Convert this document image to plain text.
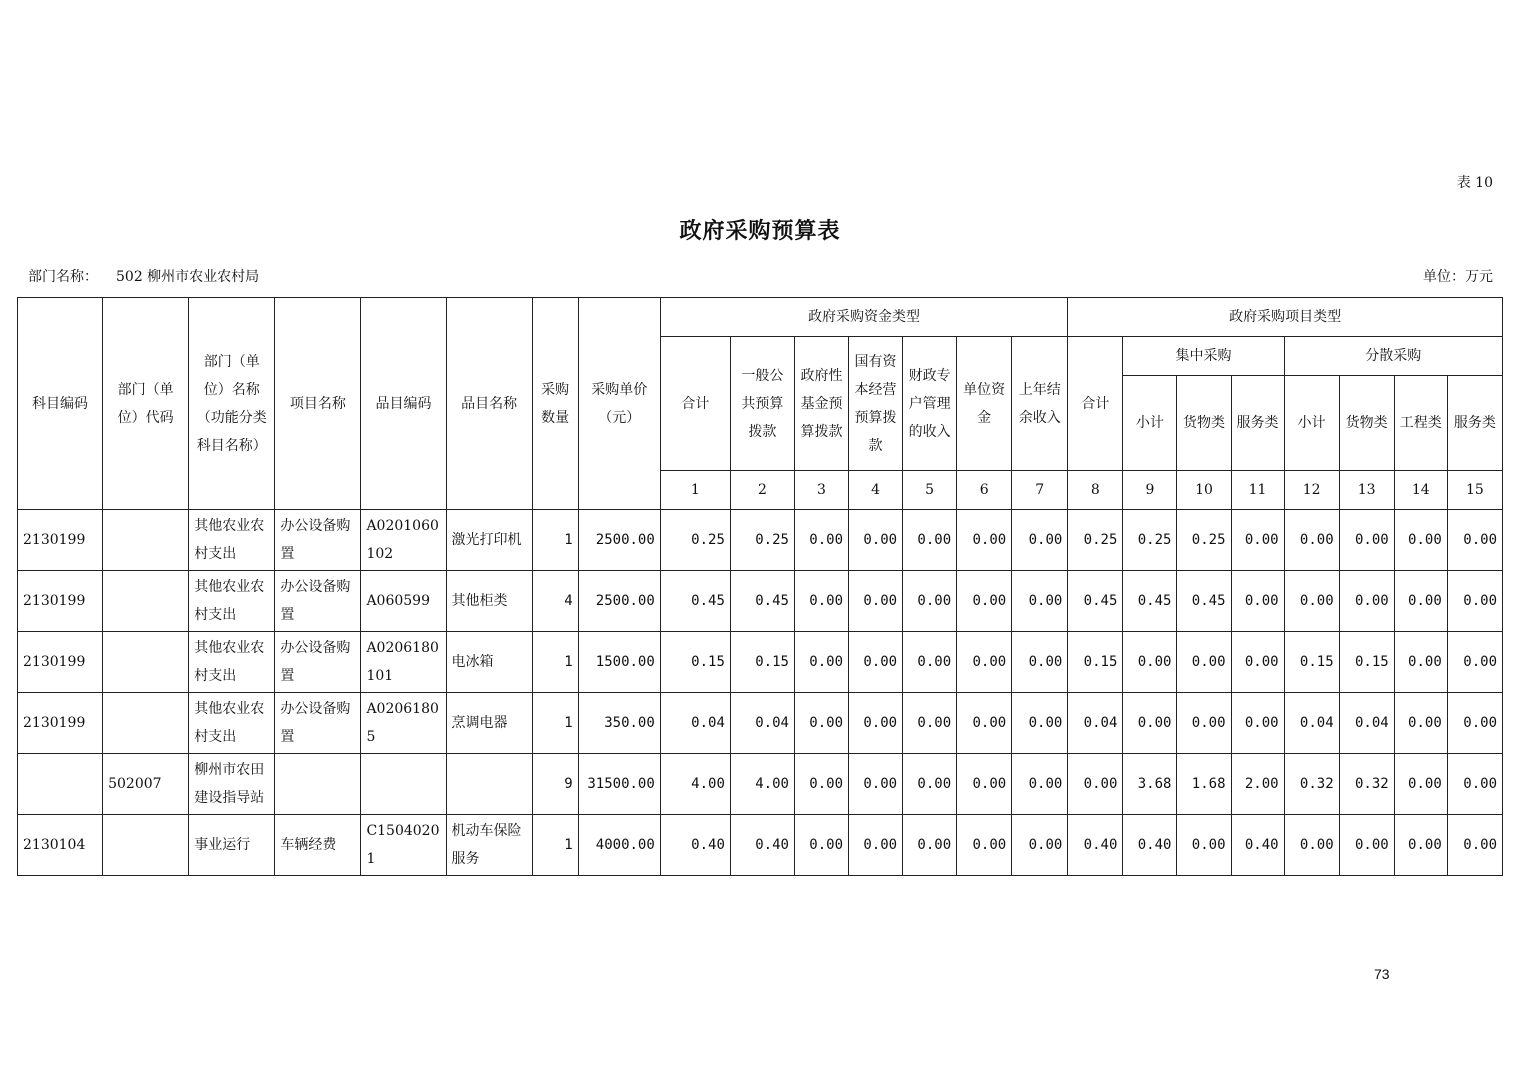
表 10
政府采购预算表
部门名称： 502 柳州市农业农村局	单位：万元
科目编码	部门（单位）代码	部门（单位）名称（功能分类科目名称）	项目名称	品目编码	品目名称	采购数量	采购单价（元）	政府采购资金类型							政府采购项目类型							
								合计	一般公共预算拨款	政府性基金预算拨款	国有资本经营预算拨款	财政专户管理的收入	单位资金	上年结余收入	合计	集中采购			分散采购			
																小计	货物类	服务类	小计	货物类	工程类	服务类
								1	2	3	4	5	6	7	8	9	10	11	12	13	14	15
2130199		其他农业农村支出	办公设备购置	A0201060102	激光打印机	1	2500.00	0.25	0.25	0.00	0.00	0.00	0.00	0.00	0.25	0.25	0.25	0.00	0.00	0.00	0.00	0.00
2130199		其他农业农村支出	办公设备购置	A060599	其他柜类	4	2500.00	0.45	0.45	0.00	0.00	0.00	0.00	0.00	0.45	0.45	0.45	0.00	0.00	0.00	0.00	0.00
2130199		其他农业农村支出	办公设备购置	A0206180101	电冰箱	1	1500.00	0.15	0.15	0.00	0.00	0.00	0.00	0.00	0.15	0.00	0.00	0.00	0.15	0.15	0.00	0.00
2130199		其他农业农村支出	办公设备购置	A02061805	烹调电器	1	350.00	0.04	0.04	0.00	0.00	0.00	0.00	0.00	0.04	0.00	0.00	0.00	0.04	0.04	0.00	0.00
	502007	柳州市农田建设指导站				9	31500.00	4.00	4.00	0.00	0.00	0.00	0.00	0.00	0.00	3.68	1.68	2.00	0.32	0.32	0.00	0.00
2130104		事业运行	车辆经费	C15040201	机动车保险服务	1	4000.00	0.40	0.40	0.00	0.00	0.00	0.00	0.00	0.40	0.40	0.00	0.40	0.00	0.00	0.00	0.00
73
